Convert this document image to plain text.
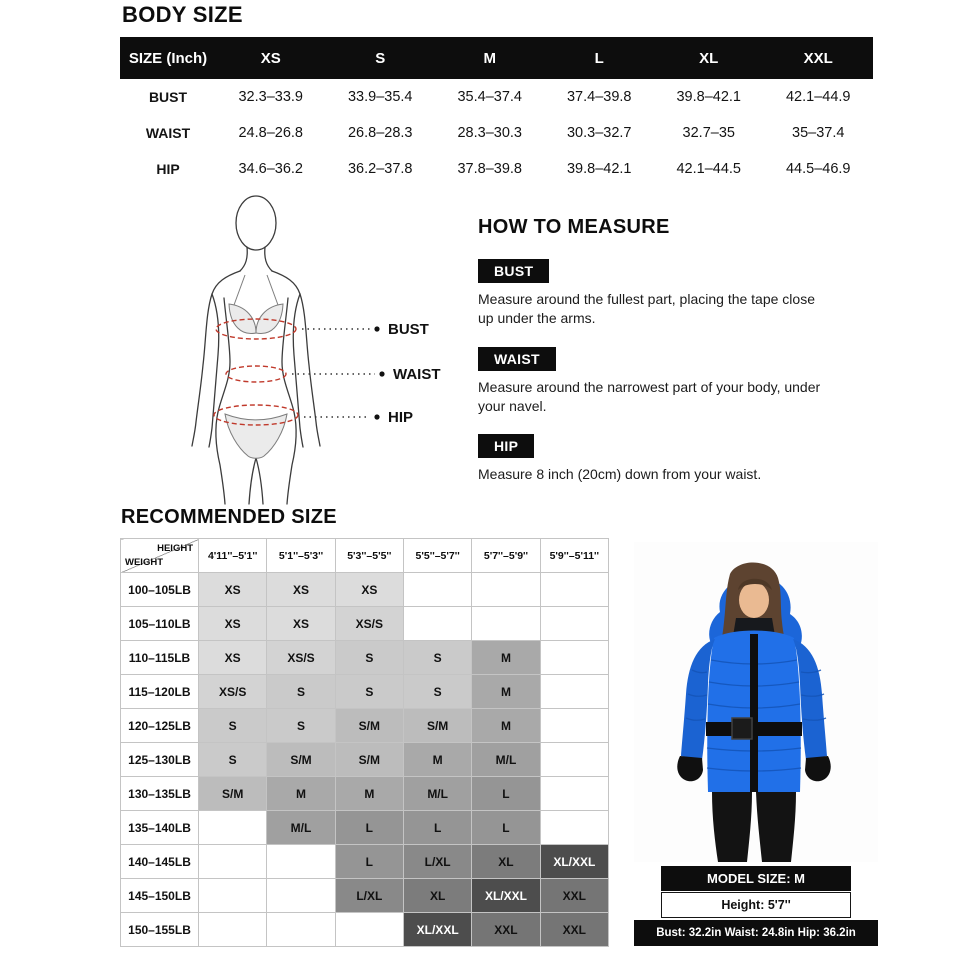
BODY SIZE
SIZE (Inch)	XS	S	M	L	XL	XXL
BUST	32.3–33.9	33.9–35.4	35.4–37.4	37.4–39.8	39.8–42.1	42.1–44.9
WAIST	24.8–26.8	26.8–28.3	28.3–30.3	30.3–32.7	32.7–35	35–37.4
HIP	34.6–36.2	36.2–37.8	37.8–39.8	39.8–42.1	42.1–44.5	44.5–46.9
BUST
WAIST
HIP
HOW TO MEASURE
BUST

Measure around the fullest part, placing the tape close up under the arms.

WAIST

Measure around the narrowest part of your body, under your navel.

HIP

Measure 8 inch (20cm) down from your waist.

RECOMMENDED SIZE
HEIGHT
WEIGHT	4'11''–5'1''	5'1''–5'3''	5'3''–5'5''	5'5''–5'7''	5'7''–5'9''	5'9''–5'11''
100–105LB	XS	XS	XS			
105–110LB	XS	XS	XS/S			
110–115LB	XS	XS/S	S	S	M	
115–120LB	XS/S	S	S	S	M	
120–125LB	S	S	S/M	S/M	M	
125–130LB	S	S/M	S/M	M	M/L	
130–135LB	S/M	M	M	M/L	L	
135–140LB		M/L	L	L	L	
140–145LB			L	L/XL	XL	XL/XXL
145–150LB			L/XL	XL	XL/XXL	XXL
150–155LB				XL/XXL	XXL	XXL
MODEL SIZE: M
Height: 5'7''
Bust: 32.2in Waist: 24.8in Hip: 36.2in
